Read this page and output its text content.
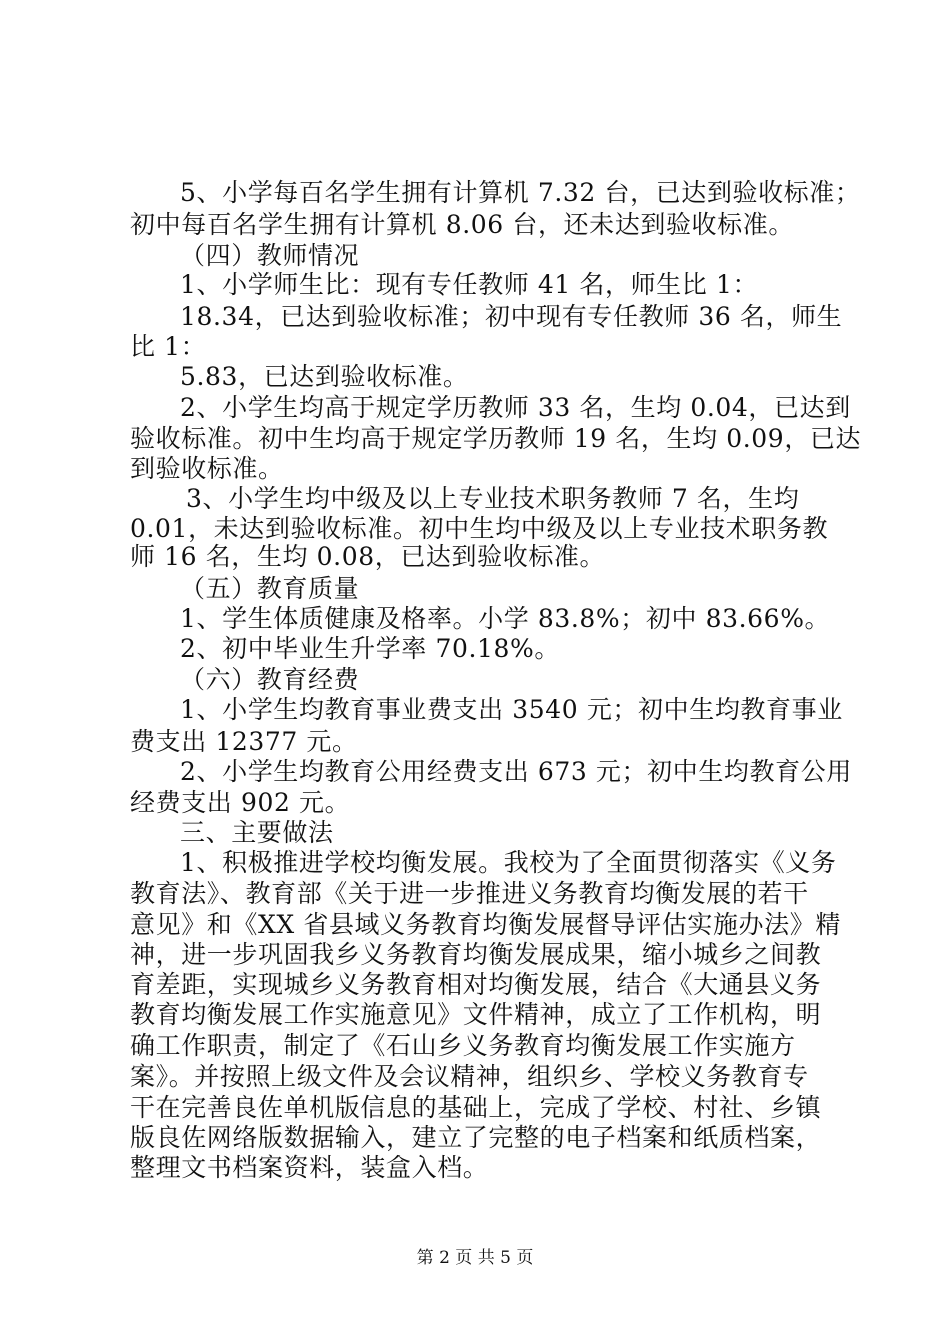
5、小学每百名学生拥有计算机 7.32 台，已达到验收标准；
初中每百名学生拥有计算机 8.06 台，还未达到验收标准。
（四）教师情况
1、小学师生比：现有专任教师 41 名，师生比 1：
18.34，已达到验收标准；初中现有专任教师 36 名，师生
比 1：
5.83，已达到验收标准。
2、小学生均高于规定学历教师 33 名，生均 0.04，已达到
验收标准。初中生均高于规定学历教师 19 名，生均 0.09，已达
到验收标准。
3、小学生均中级及以上专业技术职务教师 7 名，生均
0.01，未达到验收标准。初中生均中级及以上专业技术职务教
师 16 名，生均 0.08，已达到验收标准。
（五）教育质量
1、学生体质健康及格率。小学 83.8%；初中 83.66%。
2、初中毕业生升学率 70.18%。
（六）教育经费
1、小学生均教育事业费支出 3540 元；初中生均教育事业
费支出 12377 元。
2、小学生均教育公用经费支出 673 元；初中生均教育公用
经费支出 902 元。
三、主要做法
1、积极推进学校均衡发展。我校为了全面贯彻落实《义务
教育法》、教育部《关于进一步推进义务教育均衡发展的若干
意见》和《XX 省县域义务教育均衡发展督导评估实施办法》精
神，进一步巩固我乡义务教育均衡发展成果，缩小城乡之间教
育差距，实现城乡义务教育相对均衡发展，结合《大通县义务
教育均衡发展工作实施意见》文件精神，成立了工作机构，明
确工作职责，制定了《石山乡义务教育均衡发展工作实施方
案》。并按照上级文件及会议精神，组织乡、学校义务教育专
干在完善良佐单机版信息的基础上，完成了学校、村社、乡镇
版良佐网络版数据输入，建立了完整的电子档案和纸质档案，
整理文书档案资料，装盒入档。
第 2 页 共 5 页
